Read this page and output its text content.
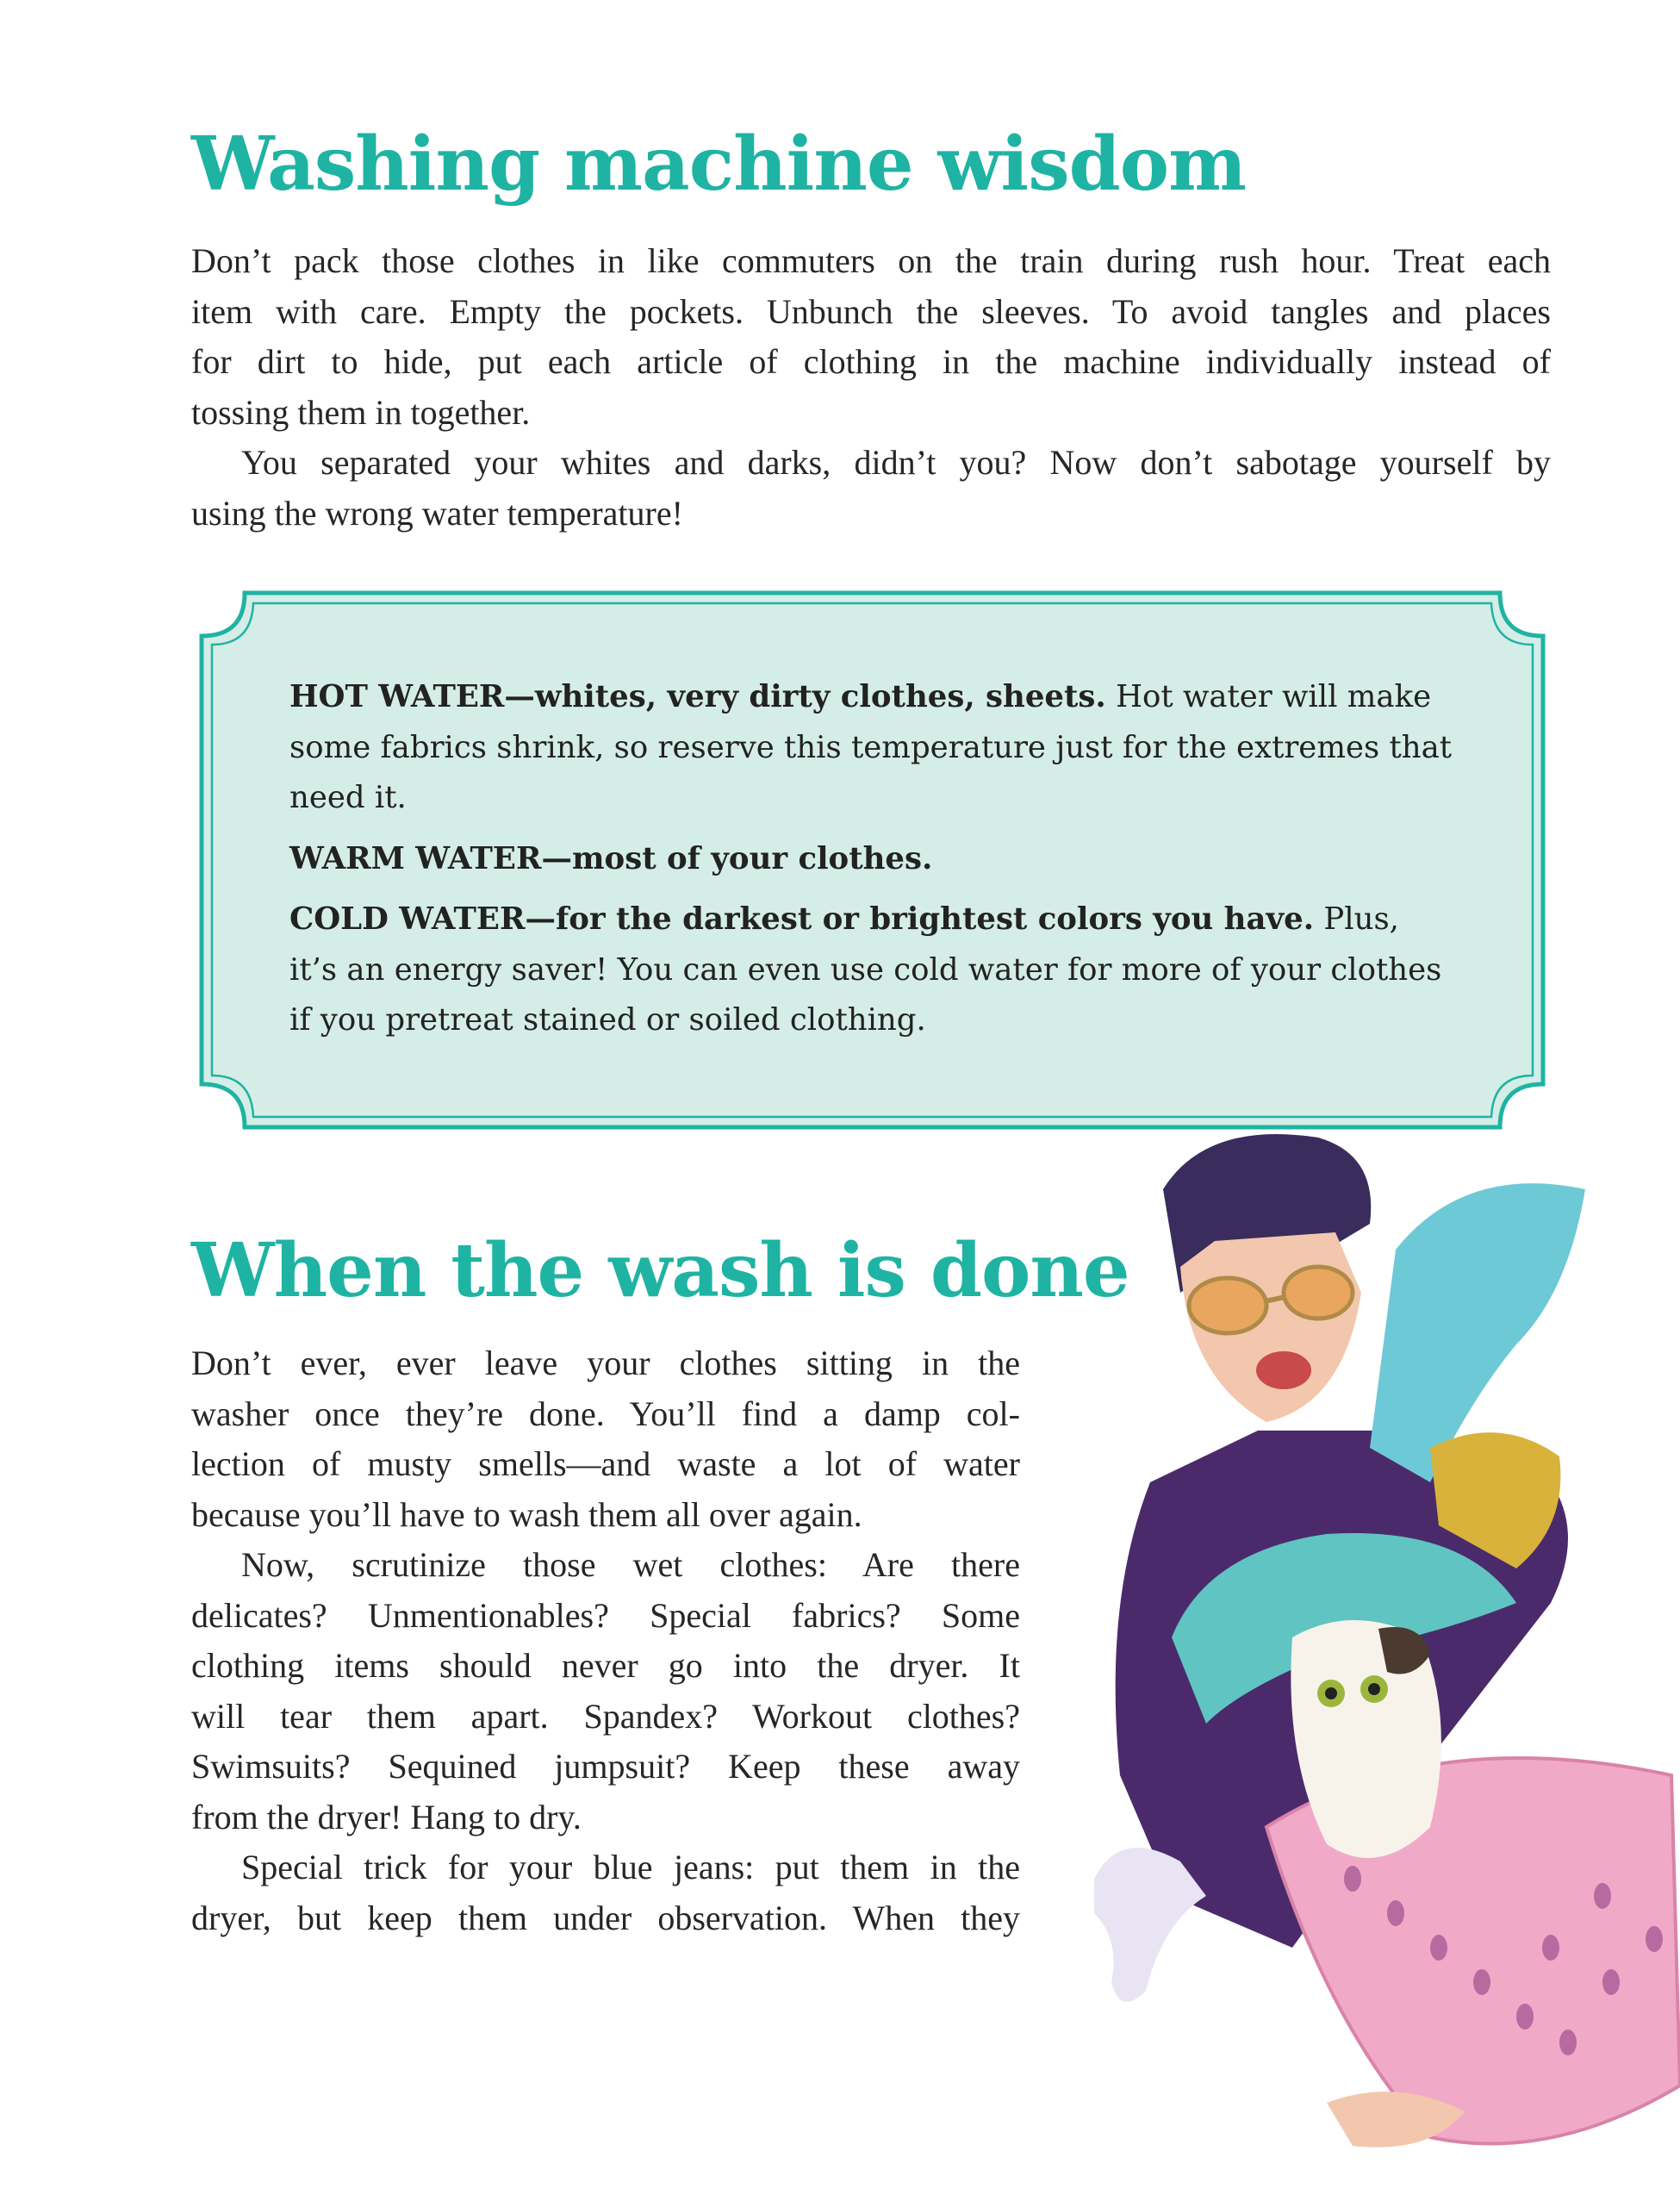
Washing machine wisdom
Don’t pack those clothes in like commuters on the train during rush hour. Treat each
item with care. Empty the pockets. Unbunch the sleeves. To avoid tangles and places
for dirt to hide, put each article of clothing in the machine individually instead of
tossing them in together.
You separated your whites and darks, didn’t you? Now don’t sabotage yourself by
using the wrong water temperature!

HOT WATER—whites, very dirty clothes, sheets. Hot water will make some fabrics shrink, so reserve this temperature just for the extremes that need it.

WARM WATER—most of your clothes.

COLD WATER—for the darkest or brightest colors you have. Plus, it’s an energy saver! You can even use cold water for more of your clothes if you pretreat stained or soiled clothing.

When the wash is done
Don’t ever, ever leave your clothes sitting in the
washer once they’re done. You’ll find a damp col-
lection of musty smells—and waste a lot of water
because you’ll have to wash them all over again.
Now, scrutinize those wet clothes: Are there
delicates? Unmentionables? Special fabrics? Some
clothing items should never go into the dryer. It
will tear them apart. Spandex? Workout clothes?
Swimsuits? Sequined jumpsuit? Keep these away
from the dryer! Hang to dry.
Special trick for your blue jeans: put them in the
dryer, but keep them under observation. When they
